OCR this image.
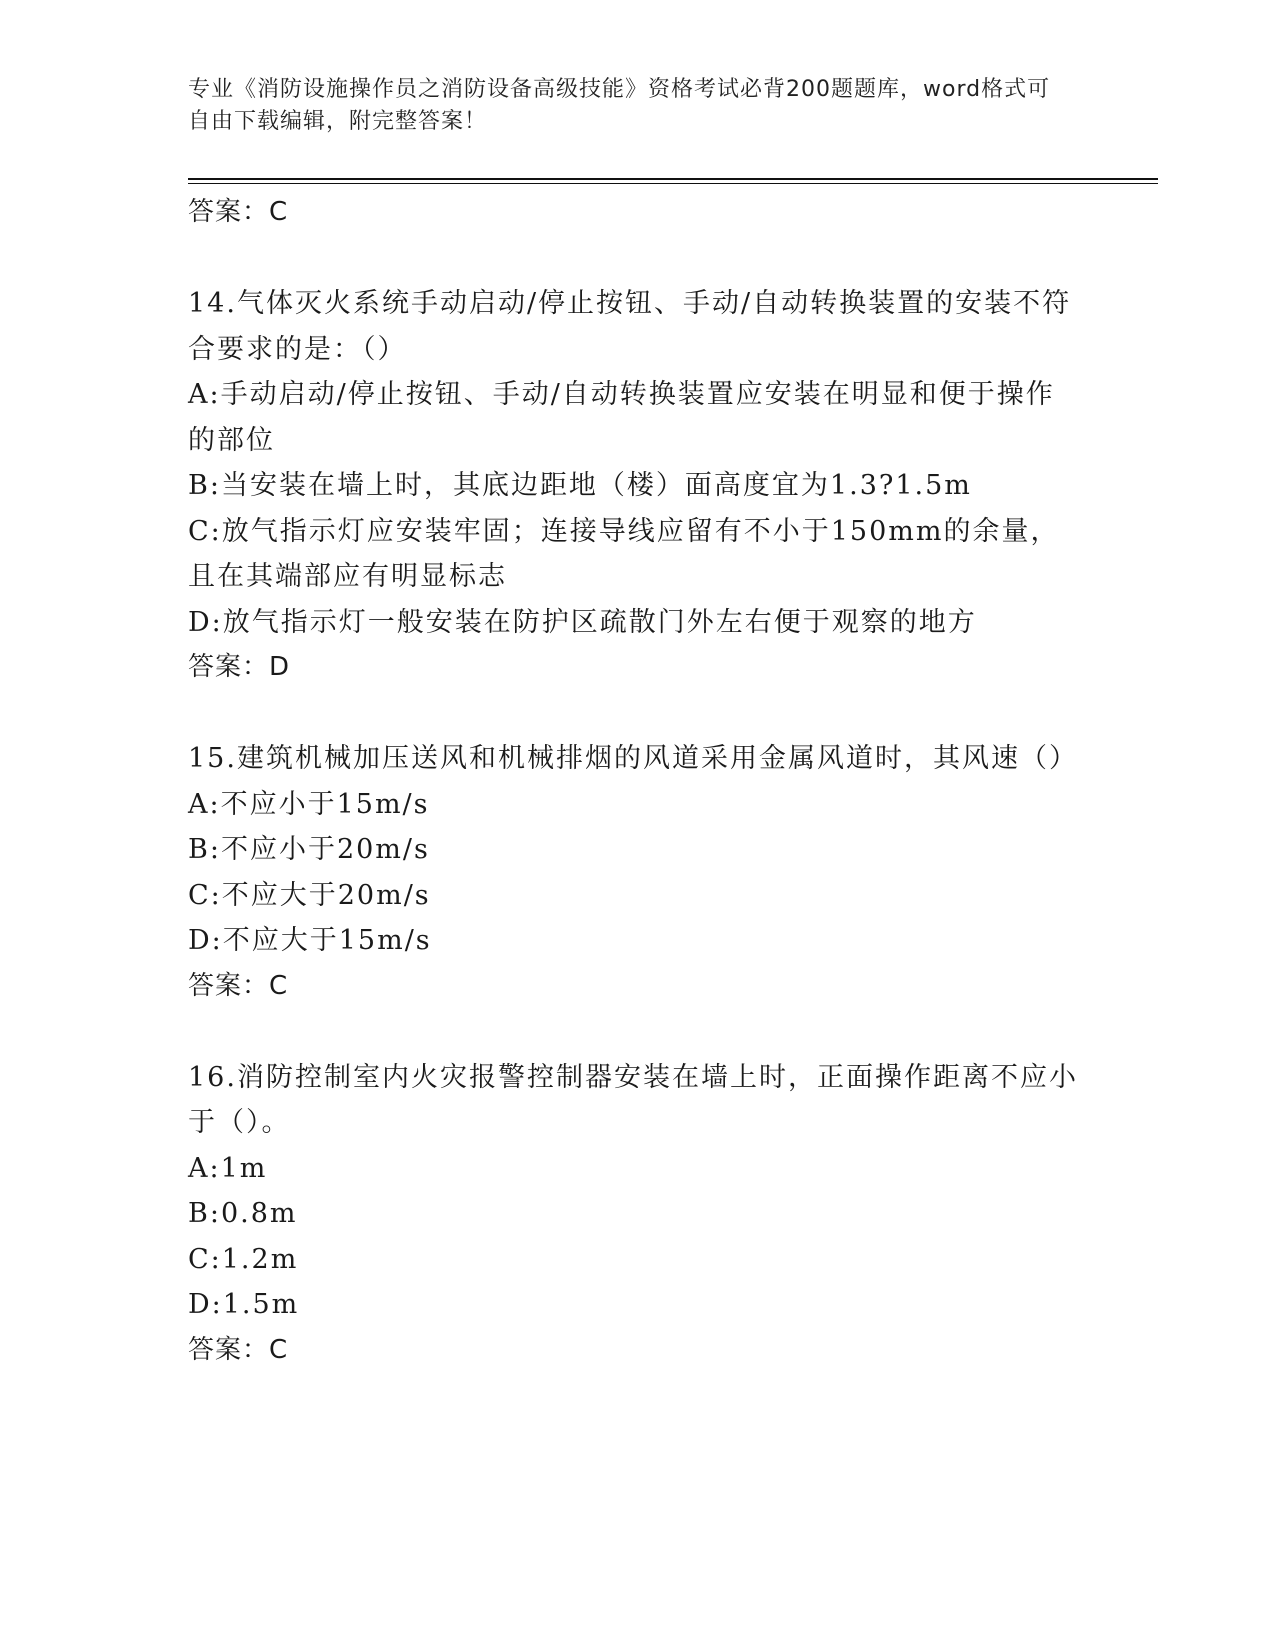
专业《消防设施操作员之消防设备高级技能》资格考试必背200题题库，word格式可自由下载编辑，附完整答案！
答案：C
14.气体灭火系统手动启动/停止按钮、手动/自动转换装置的安装不符合要求的是：（）
A:手动启动/停止按钮、手动/自动转换装置应安装在明显和便于操作的部位
B:当安装在墙上时，其底边距地（楼）面高度宜为1.3?1.5m
C:放气指示灯应安装牢固；连接导线应留有不小于150mm的余量，且在其端部应有明显标志
D:放气指示灯一般安装在防护区疏散门外左右便于观察的地方
答案：D
15.建筑机械加压送风和机械排烟的风道采用金属风道时，其风速（）
A:不应小于15m/s
B:不应小于20m/s
C:不应大于20m/s
D:不应大于15m/s
答案：C
16.消防控制室内火灾报警控制器安装在墙上时，正面操作距离不应小于（）。
A:1m
B:0.8m
C:1.2m
D:1.5m
答案：C
